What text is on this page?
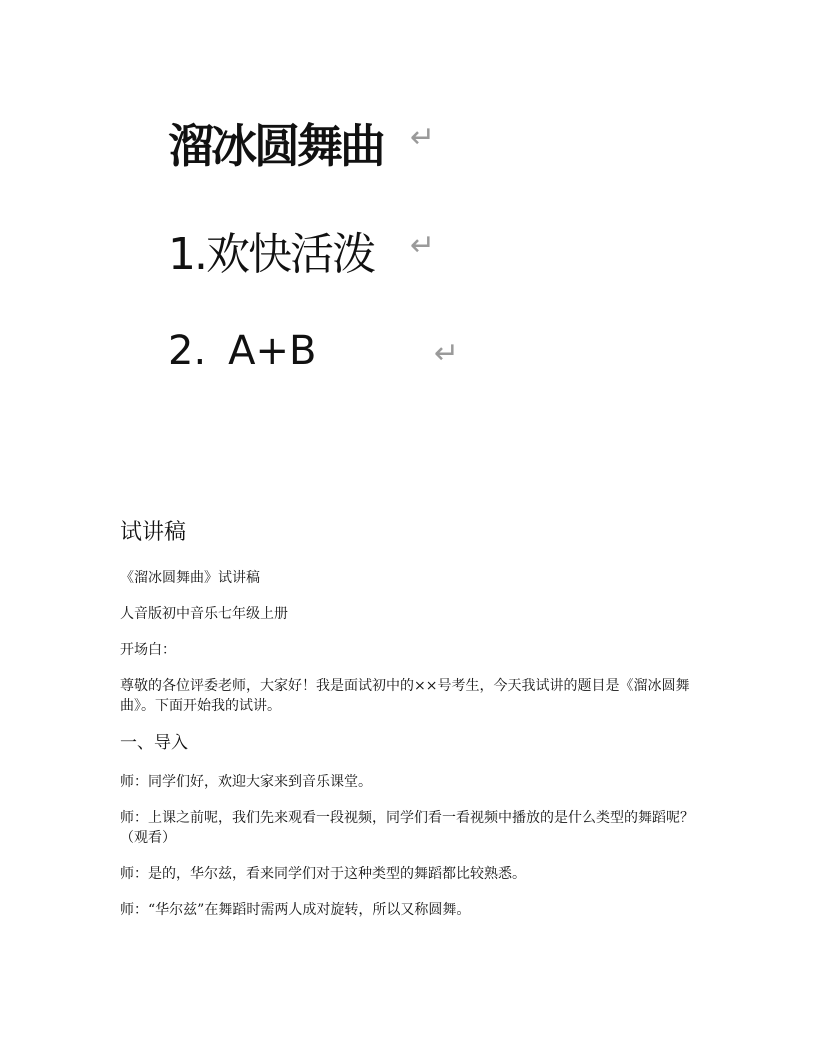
溜冰圆舞曲 ↵
1.欢快活泼 ↵
2. A+B	↵
试讲稿

《溜冰圆舞曲》试讲稿

人音版初中音乐七年级上册

开场白：

尊敬的各位评委老师，大家好！我是面试初中的××号考生，今天我试讲的题目是《溜冰圆舞曲》。下面开始我的试讲。

一、导入

师：同学们好，欢迎大家来到音乐课堂。

师：上课之前呢，我们先来观看一段视频，同学们看一看视频中播放的是什么类型的舞蹈呢？（观看）

师：是的，华尔兹，看来同学们对于这种类型的舞蹈都比较熟悉。

师：“华尔兹”在舞蹈时需两人成对旋转，所以又称圆舞。
